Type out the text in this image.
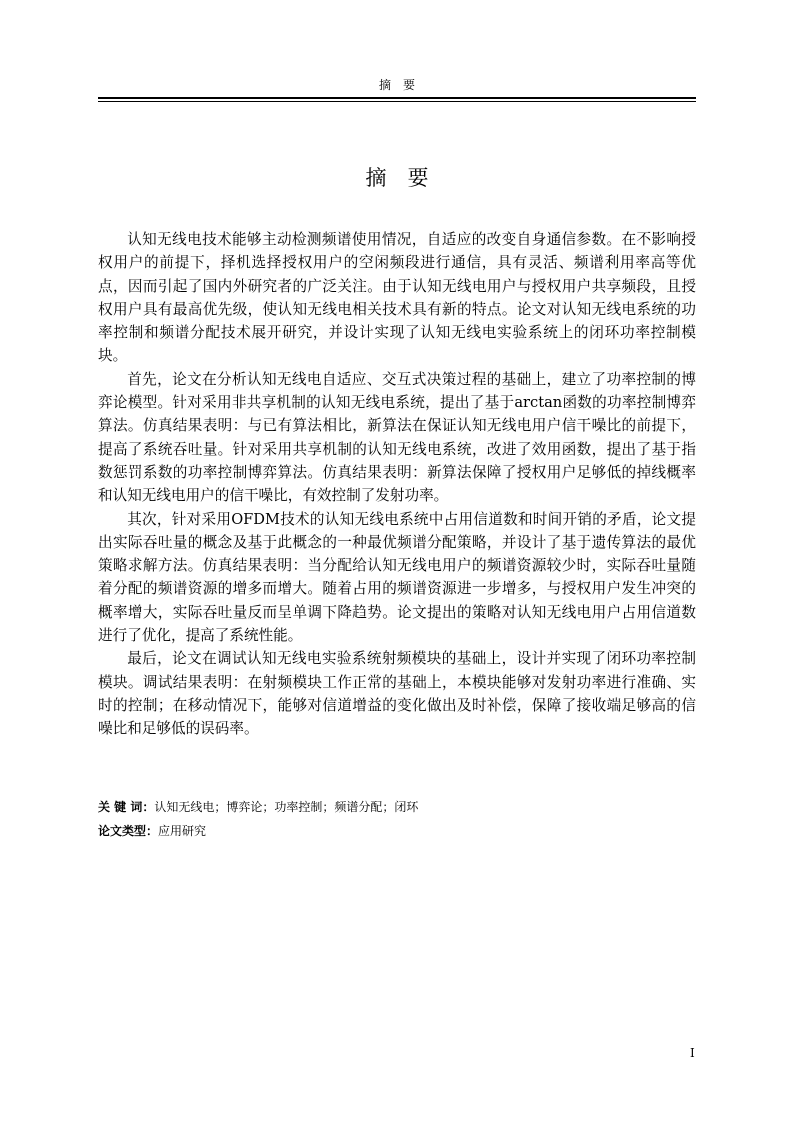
摘　要
摘　要

认知无线电技术能够主动检测频谱使用情况，自适应的改变自身通信参数。在不影响授权用户的前提下，择机选择授权用户的空闲频段进行通信，具有灵活、频谱利用率高等优点，因而引起了国内外研究者的广泛关注。由于认知无线电用户与授权用户共享频段，且授权用户具有最高优先级，使认知无线电相关技术具有新的特点。论文对认知无线电系统的功率控制和频谱分配技术展开研究，并设计实现了认知无线电实验系统上的闭环功率控制模块。

首先，论文在分析认知无线电自适应、交互式决策过程的基础上，建立了功率控制的博弈论模型。针对采用非共享机制的认知无线电系统，提出了基于arctan函数的功率控制博弈算法。仿真结果表明：与已有算法相比，新算法在保证认知无线电用户信干噪比的前提下，提高了系统吞吐量。针对采用共享机制的认知无线电系统，改进了效用函数，提出了基于指数惩罚系数的功率控制博弈算法。仿真结果表明：新算法保障了授权用户足够低的掉线概率和认知无线电用户的信干噪比，有效控制了发射功率。

其次，针对采用OFDM技术的认知无线电系统中占用信道数和时间开销的矛盾，论文提出实际吞吐量的概念及基于此概念的一种最优频谱分配策略，并设计了基于遗传算法的最优策略求解方法。仿真结果表明：当分配给认知无线电用户的频谱资源较少时，实际吞吐量随着分配的频谱资源的增多而增大。随着占用的频谱资源进一步增多，与授权用户发生冲突的概率增大，实际吞吐量反而呈单调下降趋势。论文提出的策略对认知无线电用户占用信道数进行了优化，提高了系统性能。

最后，论文在调试认知无线电实验系统射频模块的基础上，设计并实现了闭环功率控制模块。调试结果表明：在射频模块工作正常的基础上，本模块能够对发射功率进行准确、实时的控制；在移动情况下，能够对信道增益的变化做出及时补偿，保障了接收端足够高的信噪比和足够低的误码率。

关 键 词：认知无线电；博弈论；功率控制；频谱分配；闭环
论文类型：应用研究
I
